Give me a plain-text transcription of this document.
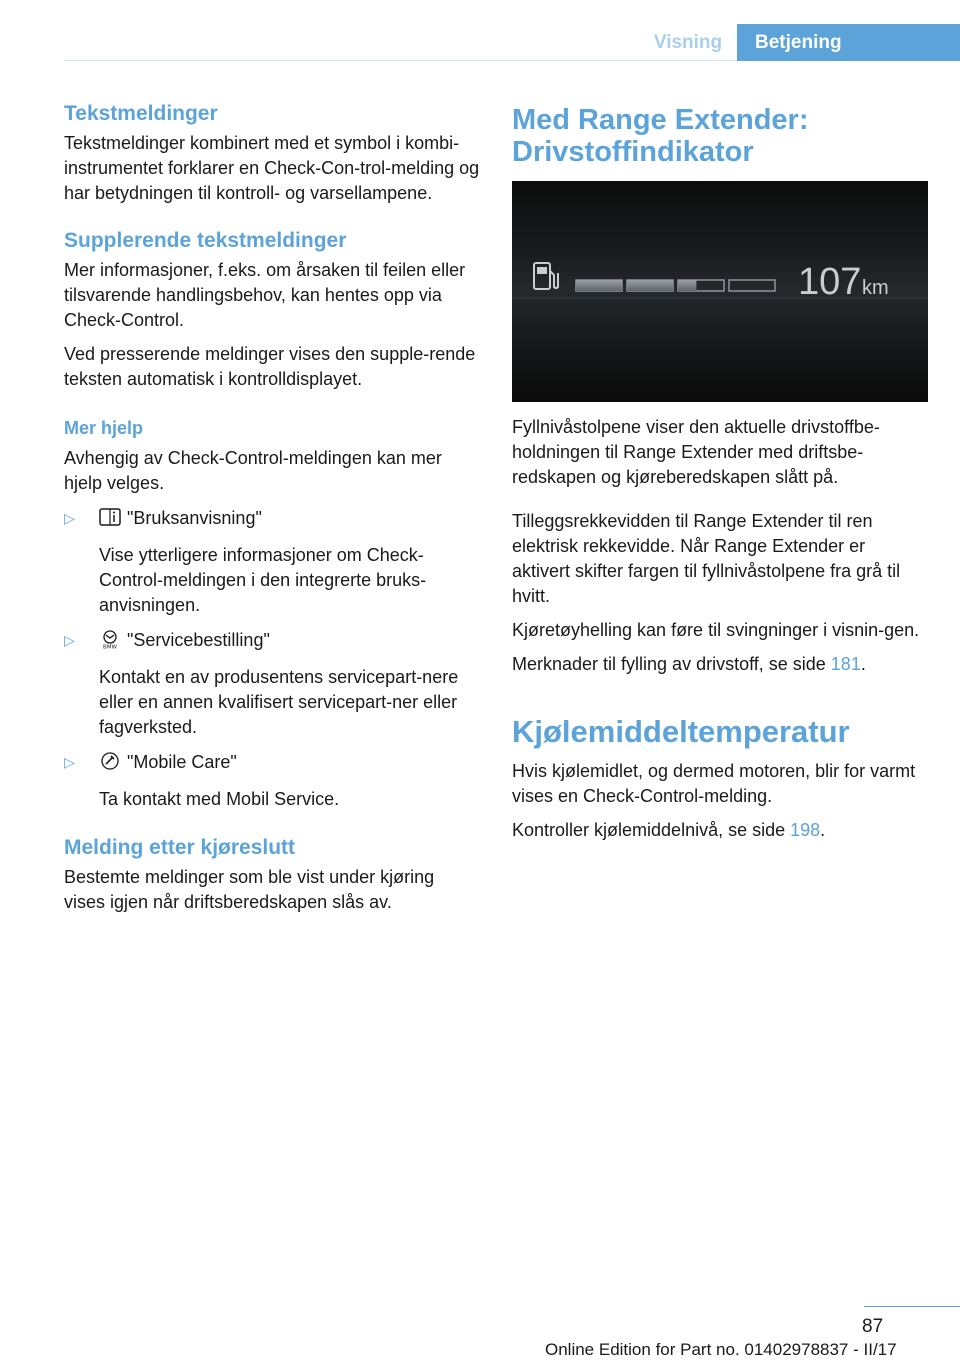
Visning	Betjening
Tekstmeldinger

Tekstmeldinger kombinert med et symbol i kombi-instrumentet forklarer en Check-Con-trol-melding og har betydningen til kontroll- og varsellampene.

Supplerende tekstmeldinger

Mer informasjoner, f.eks. om årsaken til feilen eller tilsvarende handlingsbehov, kan hentes opp via Check-Control.

Ved presserende meldinger vises den supple-rende teksten automatisk i kontrolldisplayet.

Mer hjelp

Avhengig av Check-Control-meldingen kan mer hjelp velges.

▷	"Bruksanvisning"

Vise ytterligere informasjoner om Check-Control-meldingen i den integrerte bruks-anvisningen.

▷	BMW "Servicebestilling"

Kontakt en av produsentens servicepart-nere eller en annen kvalifisert servicepart-ner eller fagverksted.

▷	"Mobile Care"

Ta kontakt med Mobil Service.

Melding etter kjøreslutt

Bestemte meldinger som ble vist under kjøring vises igjen når driftsberedskapen slås av.

Med Range Extender: Drivstoffindikator
107 km

Fyllnivåstolpene viser den aktuelle drivstoffbe-holdningen til Range Extender med driftsbe-redskapen og kjøreberedskapen slått på.

Tilleggsrekkevidden til Range Extender til ren elektrisk rekkevidde. Når Range Extender er aktivert skifter fargen til fyllnivåstolpene fra grå til hvitt.

Kjøretøyhelling kan føre til svingninger i visnin-gen.

Merknader til fylling av drivstoff, se side 181.

Kjølemiddeltemperatur

Hvis kjølemidlet, og dermed motoren, blir for varmt vises en Check-Control-melding.

Kontroller kjølemiddelnivå, se side 198.

87
Online Edition for Part no. 01402978837 - II/17
